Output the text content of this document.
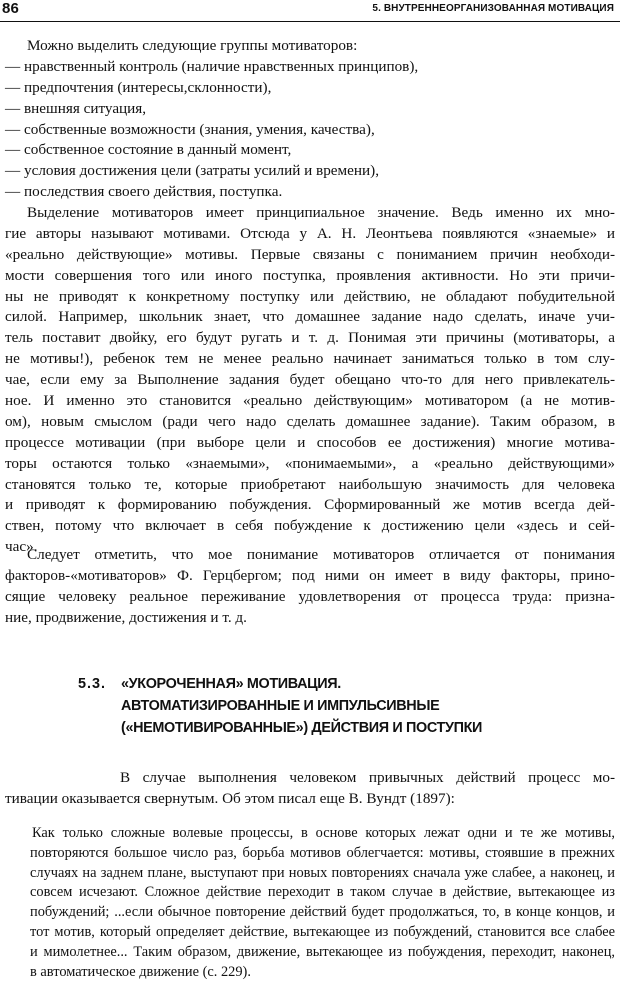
86	5. ВНУТРЕННЕОРГАНИЗОВАННАЯ МОТИВАЦИЯ
Можно выделить следующие группы мотиваторов:
— нравственный контроль (наличие нравственных принципов),
— предпочтения (интересы,склонности),
— внешняя ситуация,
— собственные возможности (знания, умения, качества),
— собственное состояние в данный момент,
— условия достижения цели (затраты усилий и времени),
— последствия своего действия, поступка.
Выделение мотиваторов имеет принципиальное значение. Ведь именно их мно-
гие авторы называют мотивами. Отсюда у А. Н. Леонтьева появляются «знаемые» и
«реально действующие» мотивы. Первые связаны с пониманием причин необходи-
мости совершения того или иного поступка, проявления активности. Но эти причи-
ны не приводят к конкретному поступку или действию, не обладают побудительной
силой. Например, школьник знает, что домашнее задание надо сделать, иначе учи-
тель поставит двойку, его будут ругать и т. д. Понимая эти причины (мотиваторы, а
не мотивы!), ребенок тем не менее реально начинает заниматься только в том слу-
чае, если ему за Выполнение задания будет обещано что-то для него привлекатель-
ное. И именно это становится «реально действующим» мотиватором (а не мотив-
ом), новым смыслом (ради чего надо сделать домашнее задание). Таким образом, в
процессе мотивации (при выборе цели и способов ее достижения) многие мотива-
торы остаются только «знаемыми», «понимаемыми», а «реально действующими»
становятся только те, которые приобретают наибольшую значимость для человека
и приводят к формированию побуждения. Сформированный же мотив всегда дей-
ствен, потому что включает в себя побуждение к достижению цели «здесь и сей-
час».
Следует отметить, что мое понимание мотиваторов отличается от понимания
факторов-«мотиваторов» Ф. Герцбергом; под ними он имеет в виду факторы, прино-
сящие человеку реальное переживание удовлетворения от процесса труда: призна-
ние, продвижение, достижения и т. д.
5.3. «УКОРОЧЕННАЯ» МОТИВАЦИЯ.
АВТОМАТИЗИРОВАННЫЕ И ИМПУЛЬСИВНЫЕ
(«НЕМОТИВИРОВАННЫЕ») ДЕЙСТВИЯ И ПОСТУПКИ
В случае выполнения человеком привычных действий процесс мо-
тивации оказывается свернутым. Об этом писал еще В. Вундт (1897):
Как только сложные волевые процессы, в основе которых лежат одни и те же мотивы,
повторяются большое число раз, борьба мотивов облегчается: мотивы, стоявшие в прежних
случаях на заднем плане, выступают при новых повторениях сначала уже слабее, а наконец, и
совсем исчезают. Сложное действие переходит в таком случае в действие, вытекающее из
побуждений; ...если обычное повторение действий будет продолжаться, то, в конце концов, и
тот мотив, который определяет действие, вытекающее из побуждений, становится все слабее
и мимолетнее... Таким образом, движение, вытекающее из побуждения, переходит, наконец,
в автоматическое движение (с. 229).
